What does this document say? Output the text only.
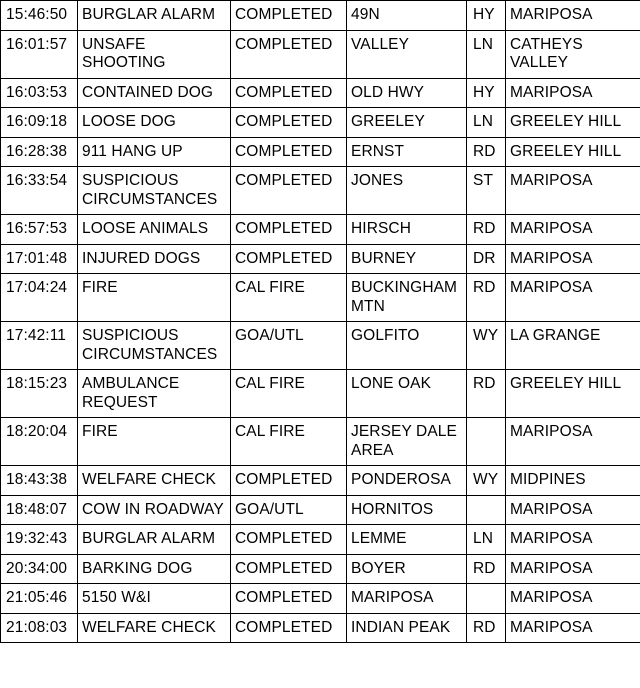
15:46:50	BURGLAR ALARM	COMPLETED	49N	HY	MARIPOSA
16:01:57	UNSAFE SHOOTING	COMPLETED	VALLEY	LN	CATHEYS VALLEY
16:03:53	CONTAINED DOG	COMPLETED	OLD HWY	HY	MARIPOSA
16:09:18	LOOSE DOG	COMPLETED	GREELEY	LN	GREELEY HILL
16:28:38	911 HANG UP	COMPLETED	ERNST	RD	GREELEY HILL
16:33:54	SUSPICIOUS CIRCUMSTANCES	COMPLETED	JONES	ST	MARIPOSA
16:57:53	LOOSE ANIMALS	COMPLETED	HIRSCH	RD	MARIPOSA
17:01:48	INJURED DOGS	COMPLETED	BURNEY	DR	MARIPOSA
17:04:24	FIRE	CAL FIRE	BUCKINGHAM MTN	RD	MARIPOSA
17:42:11	SUSPICIOUS CIRCUMSTANCES	GOA/UTL	GOLFITO	WY	LA GRANGE
18:15:23	AMBULANCE REQUEST	CAL FIRE	LONE OAK	RD	GREELEY HILL
18:20:04	FIRE	CAL FIRE	JERSEY DALE AREA		MARIPOSA
18:43:38	WELFARE CHECK	COMPLETED	PONDEROSA	WY	MIDPINES
18:48:07	COW IN ROADWAY	GOA/UTL	HORNITOS		MARIPOSA
19:32:43	BURGLAR ALARM	COMPLETED	LEMME	LN	MARIPOSA
20:34:00	BARKING DOG	COMPLETED	BOYER	RD	MARIPOSA
21:05:46	5150 W&I	COMPLETED	MARIPOSA		MARIPOSA
21:08:03	WELFARE CHECK	COMPLETED	INDIAN PEAK	RD	MARIPOSA
